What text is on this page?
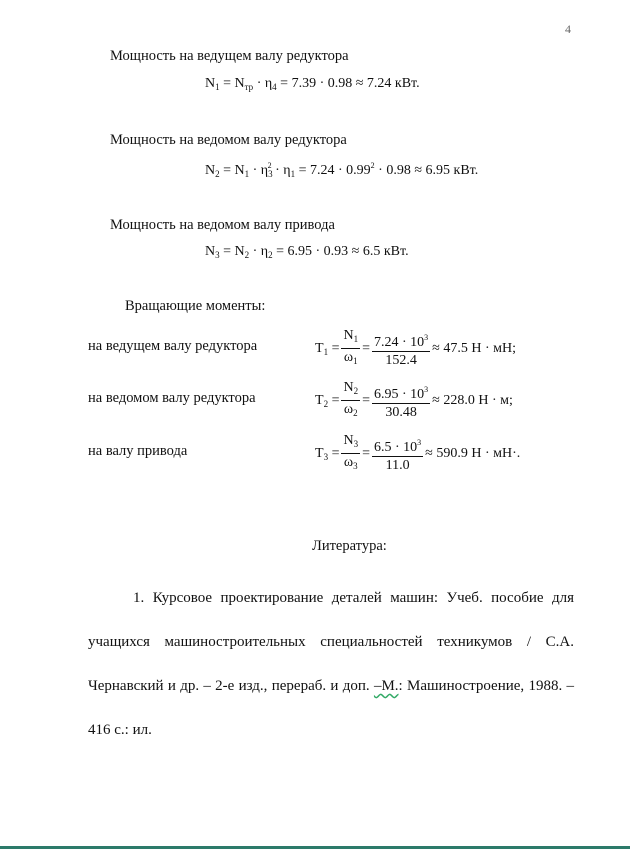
4
Мощность на ведущем валу редуктора
$N_1 = N_{тр} \cdot \eta_4 = 7.39 \cdot 0.98 \approx 7.24$ кВт.
Мощность на ведомом валу редуктора
$N_2 = N_1 \cdot \eta_3^2 \cdot \eta_1 = 7.24 \cdot 0.99^2 \cdot 0.98 \approx 6.95$ кВт.
Мощность на ведомом валу привода
$N_3 = N_2 \cdot \eta_2 = 6.95 \cdot 0.93 \approx 6.5$ кВт.
Вращающие моменты:
на ведущем валу редуктора	$T_1 = \frac{N_1}{\omega_1} = \frac{7.24 \cdot 10^3}{152.4} \approx 47.5$ Н · мН;
на ведомом валу редуктора	$T_2 = \frac{N_2}{\omega_2} = \frac{6.95 \cdot 10^3}{30.48} \approx 228.0$ Н · м;
на валу привода	$T_3 = \frac{N_3}{\omega_3} = \frac{6.5 \cdot 10^3}{11.0} \approx 590.9$ Н · мН·.
Литература:
1. Курсовое проектирование деталей машин: Учеб. пособие для
учащихся машиностроительных специальностей техникумов / С.А.
Чернавский и др. – 2-е изд., перераб. и доп. –М.: Машиностроение, 1988. –
416 с.: ил.
